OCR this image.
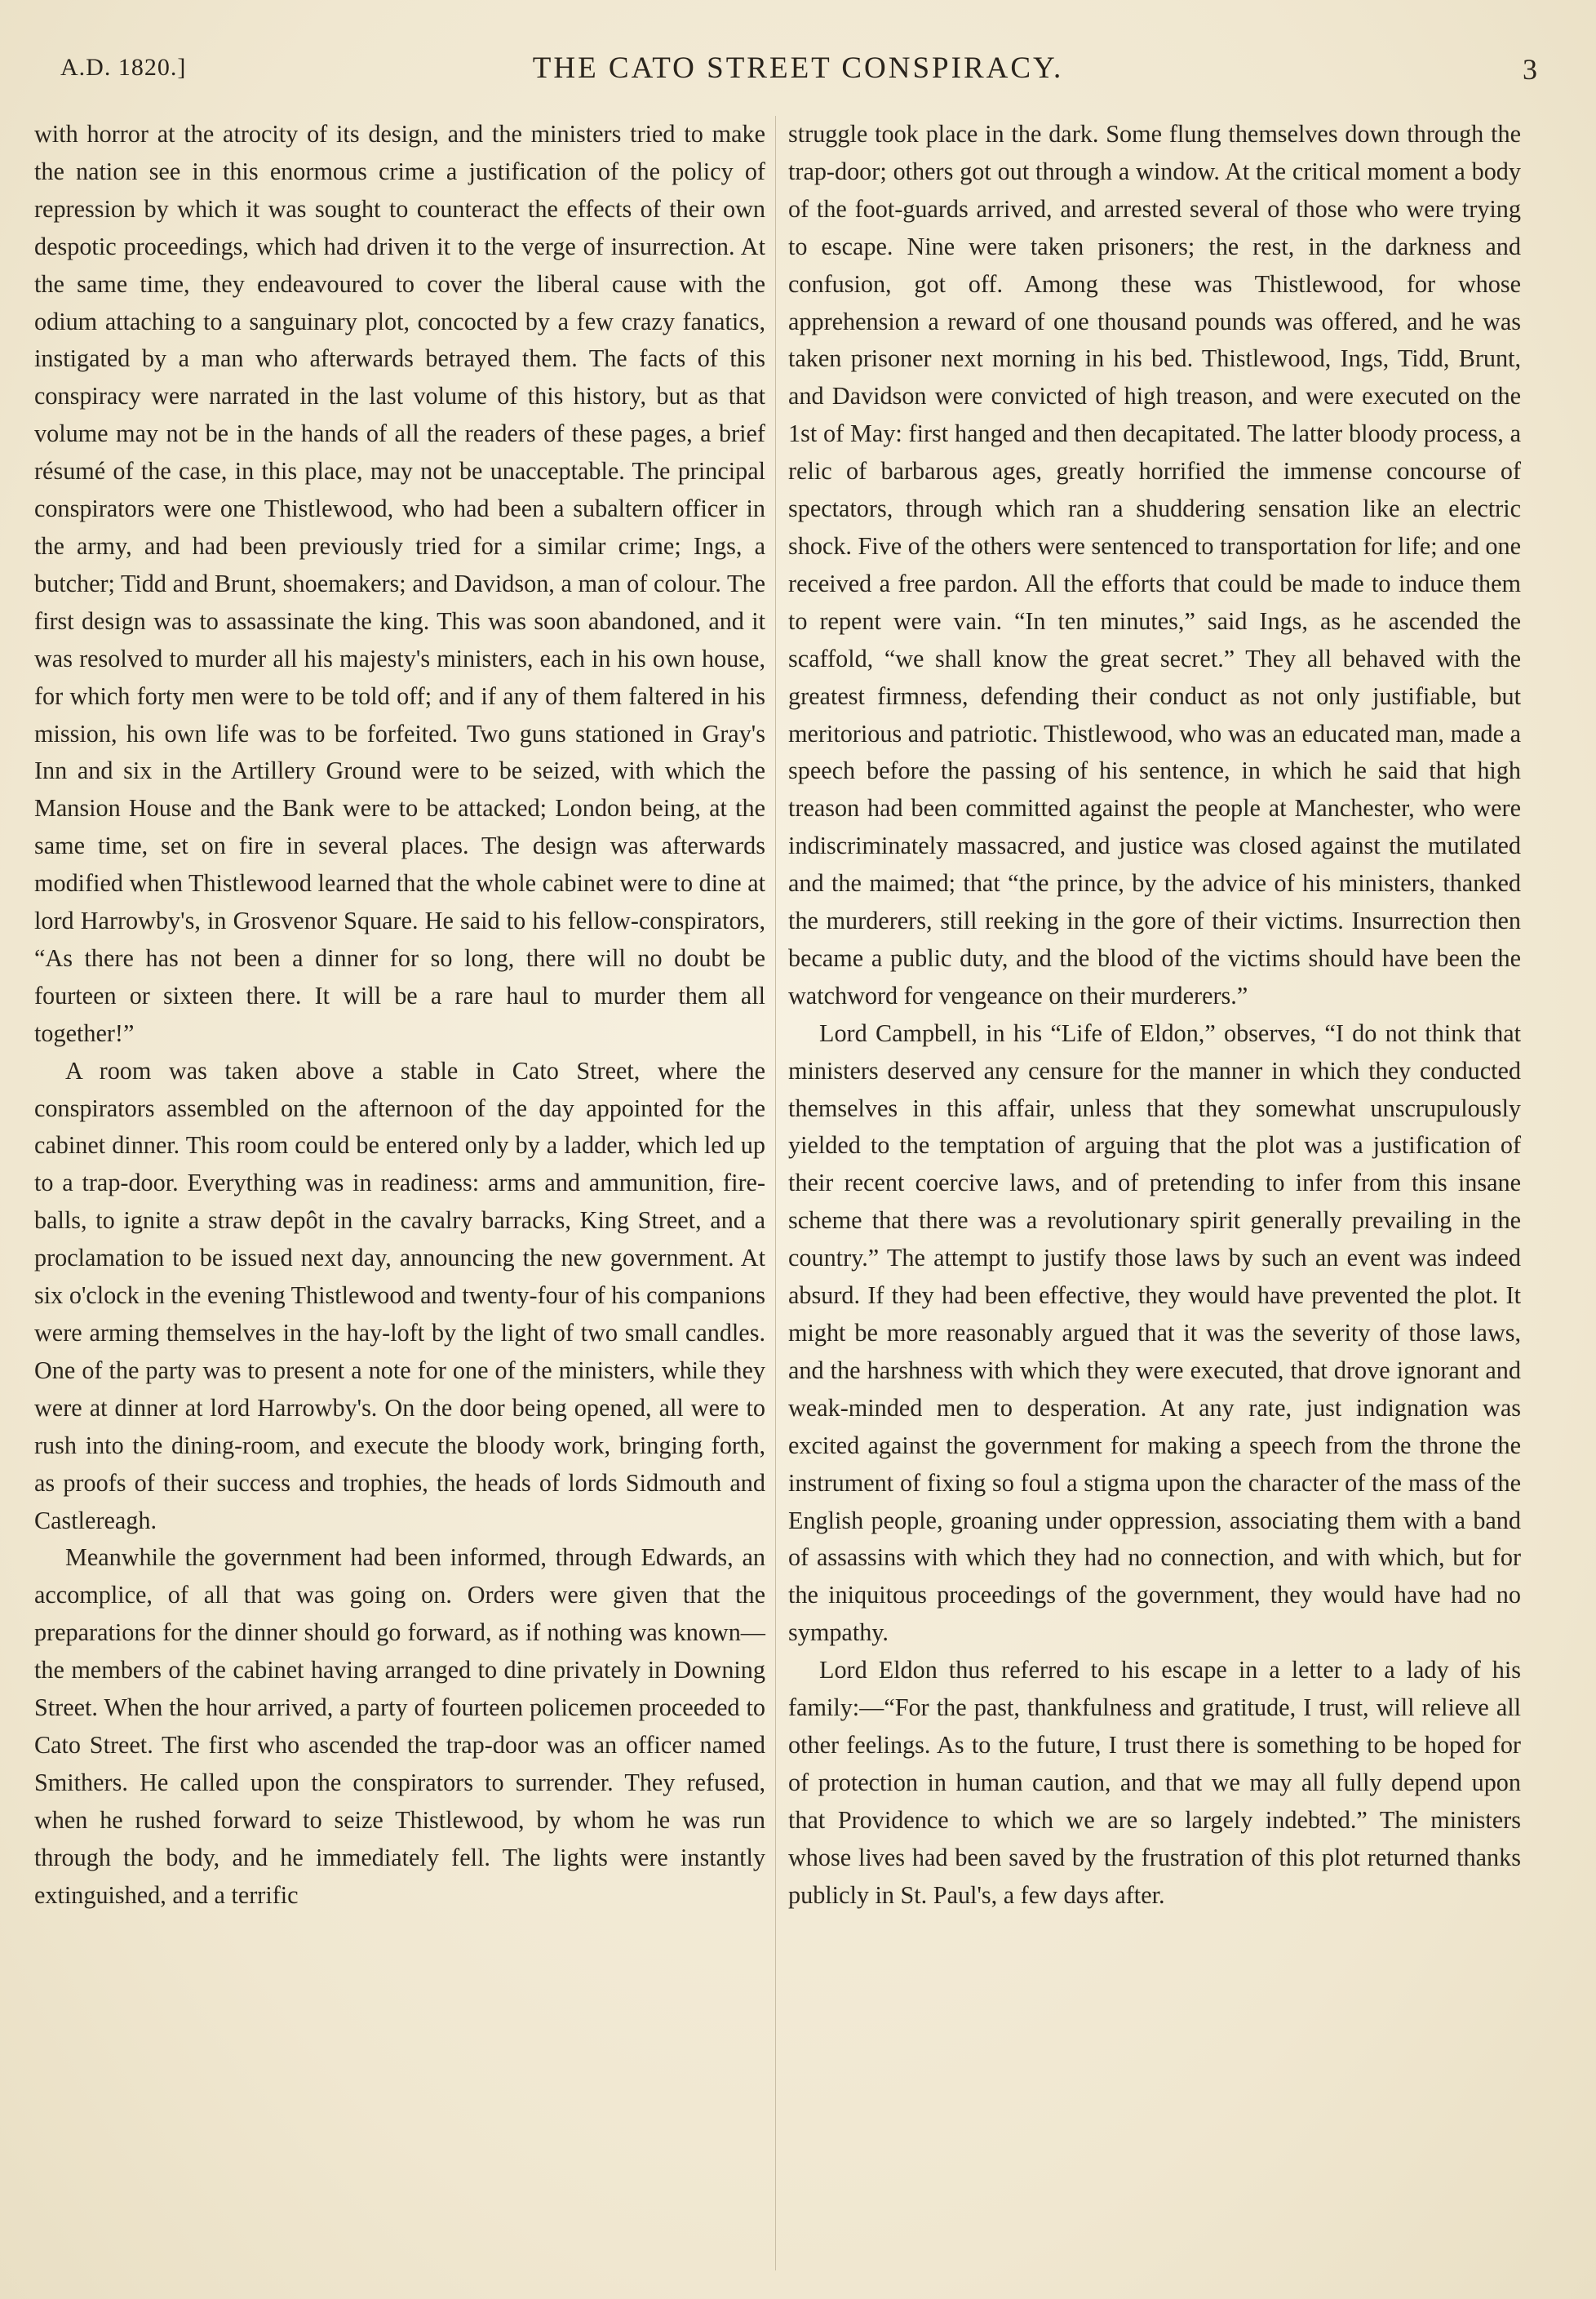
A.D. 1820.]	THE CATO STREET CONSPIRACY.	3

with horror at the atrocity of its design, and the ministers tried to make the nation see in this enormous crime a justification of the policy of repression by which it was sought to counteract the effects of their own despotic proceedings, which had driven it to the verge of insurrection. At the same time, they endeavoured to cover the liberal cause with the odium attaching to a sanguinary plot, concocted by a few crazy fanatics, instigated by a man who afterwards betrayed them. The facts of this conspiracy were narrated in the last volume of this history, but as that volume may not be in the hands of all the readers of these pages, a brief résumé of the case, in this place, may not be unacceptable. The principal conspirators were one Thistlewood, who had been a subaltern officer in the army, and had been previously tried for a similar crime; Ings, a butcher; Tidd and Brunt, shoemakers; and Davidson, a man of colour. The first design was to assassinate the king. This was soon abandoned, and it was resolved to murder all his majesty's ministers, each in his own house, for which forty men were to be told off; and if any of them faltered in his mission, his own life was to be forfeited. Two guns stationed in Gray's Inn and six in the Artillery Ground were to be seized, with which the Mansion House and the Bank were to be attacked; London being, at the same time, set on fire in several places. The design was afterwards modified when Thistlewood learned that the whole cabinet were to dine at lord Harrowby's, in Grosvenor Square. He said to his fellow-conspirators, “As there has not been a dinner for so long, there will no doubt be fourteen or sixteen there. It will be a rare haul to murder them all together!”

A room was taken above a stable in Cato Street, where the conspirators assembled on the afternoon of the day appointed for the cabinet dinner. This room could be entered only by a ladder, which led up to a trap-door. Everything was in readiness: arms and ammunition, fire-balls, to ignite a straw depôt in the cavalry barracks, King Street, and a proclamation to be issued next day, announcing the new government. At six o'clock in the evening Thistlewood and twenty-four of his companions were arming themselves in the hay-loft by the light of two small candles. One of the party was to present a note for one of the ministers, while they were at dinner at lord Harrowby's. On the door being opened, all were to rush into the dining-room, and execute the bloody work, bringing forth, as proofs of their success and trophies, the heads of lords Sidmouth and Castlereagh.

Meanwhile the government had been informed, through Edwards, an accomplice, of all that was going on. Orders were given that the preparations for the dinner should go forward, as if nothing was known—the members of the cabinet having arranged to dine privately in Downing Street. When the hour arrived, a party of fourteen policemen proceeded to Cato Street. The first who ascended the trap-door was an officer named Smithers. He called upon the conspirators to surrender. They refused, when he rushed forward to seize Thistlewood, by whom he was run through the body, and he immediately fell. The lights were instantly extinguished, and a terrific

struggle took place in the dark. Some flung themselves down through the trap-door; others got out through a window. At the critical moment a body of the foot-guards arrived, and arrested several of those who were trying to escape. Nine were taken prisoners; the rest, in the darkness and confusion, got off. Among these was Thistlewood, for whose apprehension a reward of one thousand pounds was offered, and he was taken prisoner next morning in his bed. Thistlewood, Ings, Tidd, Brunt, and Davidson were convicted of high treason, and were executed on the 1st of May: first hanged and then decapitated. The latter bloody process, a relic of barbarous ages, greatly horrified the immense concourse of spectators, through which ran a shuddering sensation like an electric shock. Five of the others were sentenced to transportation for life; and one received a free pardon. All the efforts that could be made to induce them to repent were vain. “In ten minutes,” said Ings, as he ascended the scaffold, “we shall know the great secret.” They all behaved with the greatest firmness, defending their conduct as not only justifiable, but meritorious and patriotic. Thistlewood, who was an educated man, made a speech before the passing of his sentence, in which he said that high treason had been committed against the people at Manchester, who were indiscriminately massacred, and justice was closed against the mutilated and the maimed; that “the prince, by the advice of his ministers, thanked the murderers, still reeking in the gore of their victims. Insurrection then became a public duty, and the blood of the victims should have been the watchword for vengeance on their murderers.”

Lord Campbell, in his “Life of Eldon,” observes, “I do not think that ministers deserved any censure for the manner in which they conducted themselves in this affair, unless that they somewhat unscrupulously yielded to the temptation of arguing that the plot was a justification of their recent coercive laws, and of pretending to infer from this insane scheme that there was a revolutionary spirit generally prevailing in the country.” The attempt to justify those laws by such an event was indeed absurd. If they had been effective, they would have prevented the plot. It might be more reasonably argued that it was the severity of those laws, and the harshness with which they were executed, that drove ignorant and weak-minded men to desperation. At any rate, just indignation was excited against the government for making a speech from the throne the instrument of fixing so foul a stigma upon the character of the mass of the English people, groaning under oppression, associating them with a band of assassins with which they had no connection, and with which, but for the iniquitous proceedings of the government, they would have had no sympathy.

Lord Eldon thus referred to his escape in a letter to a lady of his family:—“For the past, thankfulness and gratitude, I trust, will relieve all other feelings. As to the future, I trust there is something to be hoped for of protection in human caution, and that we may all fully depend upon that Providence to which we are so largely indebted.” The ministers whose lives had been saved by the frustration of this plot returned thanks publicly in St. Paul's, a few days after.
